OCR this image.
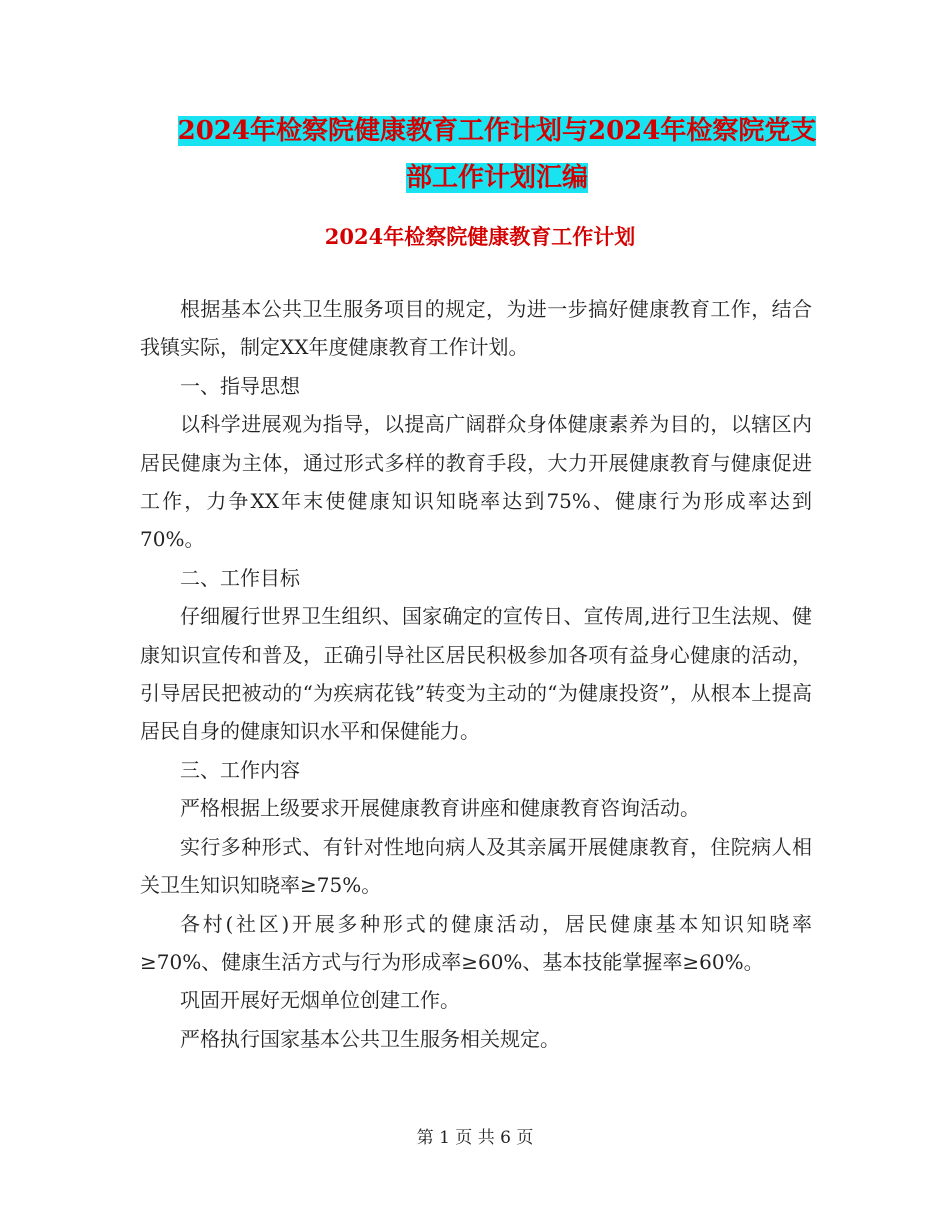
2024年检察院健康教育工作计划与2024年检察院党支
部工作计划汇编
2024年检察院健康教育工作计划

根据基本公共卫生服务项目的规定，为进一步搞好健康教育工作，结合我镇实际，制定XX年度健康教育工作计划。

一、指导思想

以科学进展观为指导，以提高广阔群众身体健康素养为目的，以辖区内居民健康为主体，通过形式多样的教育手段，大力开展健康教育与健康促进工作，力争XX年末使健康知识知晓率达到75%、健康行为形成率达到70%。

二、工作目标

仔细履行世界卫生组织、国家确定的宣传日、宣传周,进行卫生法规、健康知识宣传和普及，正确引导社区居民积极参加各项有益身心健康的活动，引导居民把被动的“为疾病花钱”转变为主动的“为健康投资”，从根本上提高居民自身的健康知识水平和保健能力。

三、工作内容

严格根据上级要求开展健康教育讲座和健康教育咨询活动。

实行多种形式、有针对性地向病人及其亲属开展健康教育，住院病人相关卫生知识知晓率≥75%。

各村(社区)开展多种形式的健康活动，居民健康基本知识知晓率≥70%、健康生活方式与行为形成率≥60%、基本技能掌握率≥60%。

巩固开展好无烟单位创建工作。

严格执行国家基本公共卫生服务相关规定。

第 1 页 共 6 页
